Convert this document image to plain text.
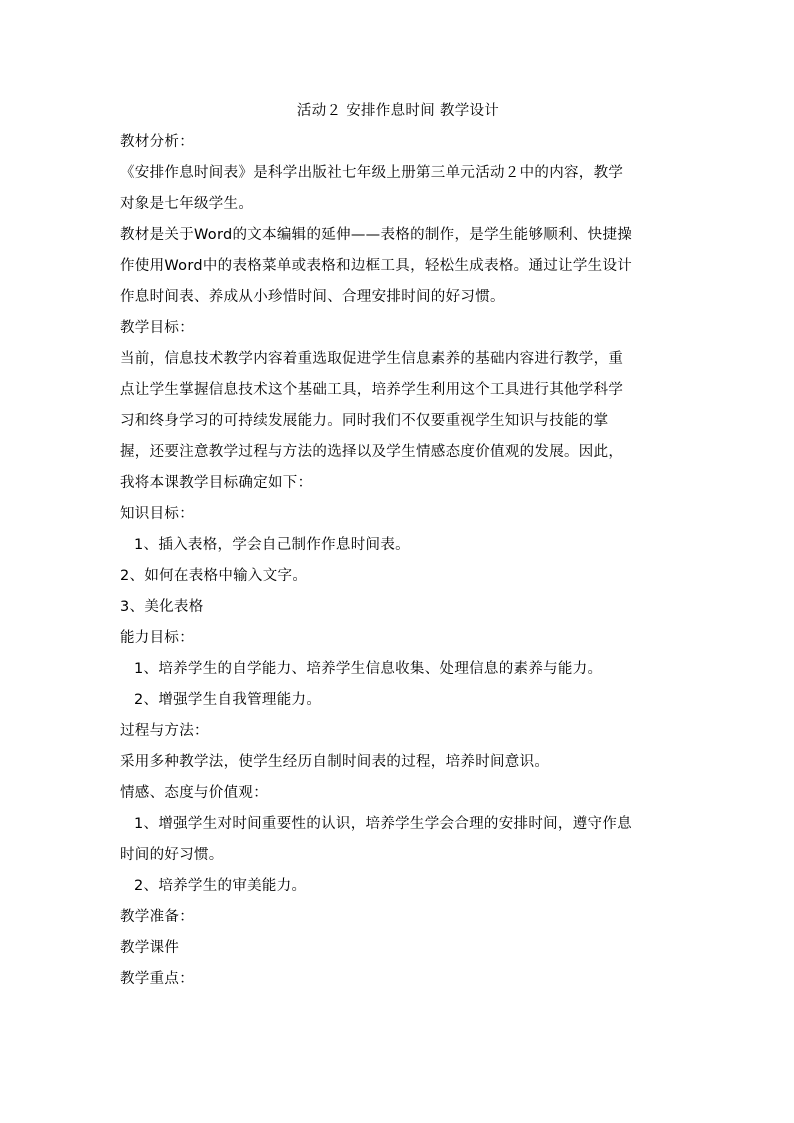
活动２ 安排作息时间 教学设计
教材分析：
《安排作息时间表》是科学出版社七年级上册第三单元活动２中的内容，教学
对象是七年级学生。
教材是关于Word的文本编辑的延伸——表格的制作，是学生能够顺利、快捷操
作使用Word中的表格菜单或表格和边框工具，轻松生成表格。通过让学生设计
作息时间表、养成从小珍惜时间、合理安排时间的好习惯。
教学目标：
当前，信息技术教学内容着重选取促进学生信息素养的基础内容进行教学，重
点让学生掌握信息技术这个基础工具，培养学生利用这个工具进行其他学科学
习和终身学习的可持续发展能力。同时我们不仅要重视学生知识与技能的掌
握，还要注意教学过程与方法的选择以及学生情感态度价值观的发展。因此，
我将本课教学目标确定如下：
知识目标：
1、插入表格，学会自己制作作息时间表。
2、如何在表格中输入文字。
3、美化表格
能力目标：
1、培养学生的自学能力、培养学生信息收集、处理信息的素养与能力。
2、增强学生自我管理能力。
过程与方法：
采用多种教学法，使学生经历自制时间表的过程，培养时间意识。
情感、态度与价值观：
1、增强学生对时间重要性的认识，培养学生学会合理的安排时间，遵守作息
时间的好习惯。
2、培养学生的审美能力。
教学准备：
教学课件
教学重点：
